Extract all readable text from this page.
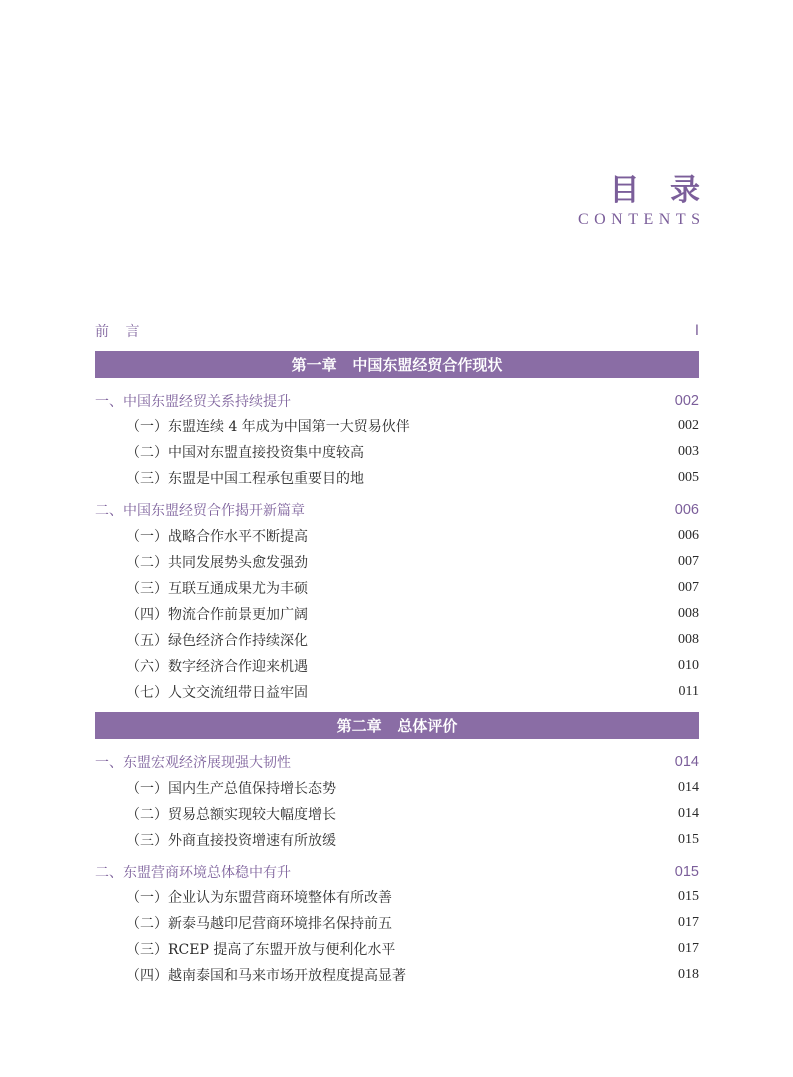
目 录
CONTENTS
前 言	I
第一章   中国东盟经贸合作现状
一、中国东盟经贸关系持续提升	002
（一）东盟连续 4 年成为中国第一大贸易伙伴	002
（二）中国对东盟直接投资集中度较高	003
（三）东盟是中国工程承包重要目的地	005
二、中国东盟经贸合作揭开新篇章	006
（一）战略合作水平不断提高	006
（二）共同发展势头愈发强劲	007
（三）互联互通成果尤为丰硕	007
（四）物流合作前景更加广阔	008
（五）绿色经济合作持续深化	008
（六）数字经济合作迎来机遇	010
（七）人文交流纽带日益牢固	011
第二章   总体评价
一、东盟宏观经济展现强大韧性	014
（一）国内生产总值保持增长态势	014
（二）贸易总额实现较大幅度增长	014
（三）外商直接投资增速有所放缓	015
二、东盟营商环境总体稳中有升	015
（一）企业认为东盟营商环境整体有所改善	015
（二）新泰马越印尼营商环境排名保持前五	017
（三）RCEP 提高了东盟开放与便利化水平	017
（四）越南泰国和马来市场开放程度提高显著	018
